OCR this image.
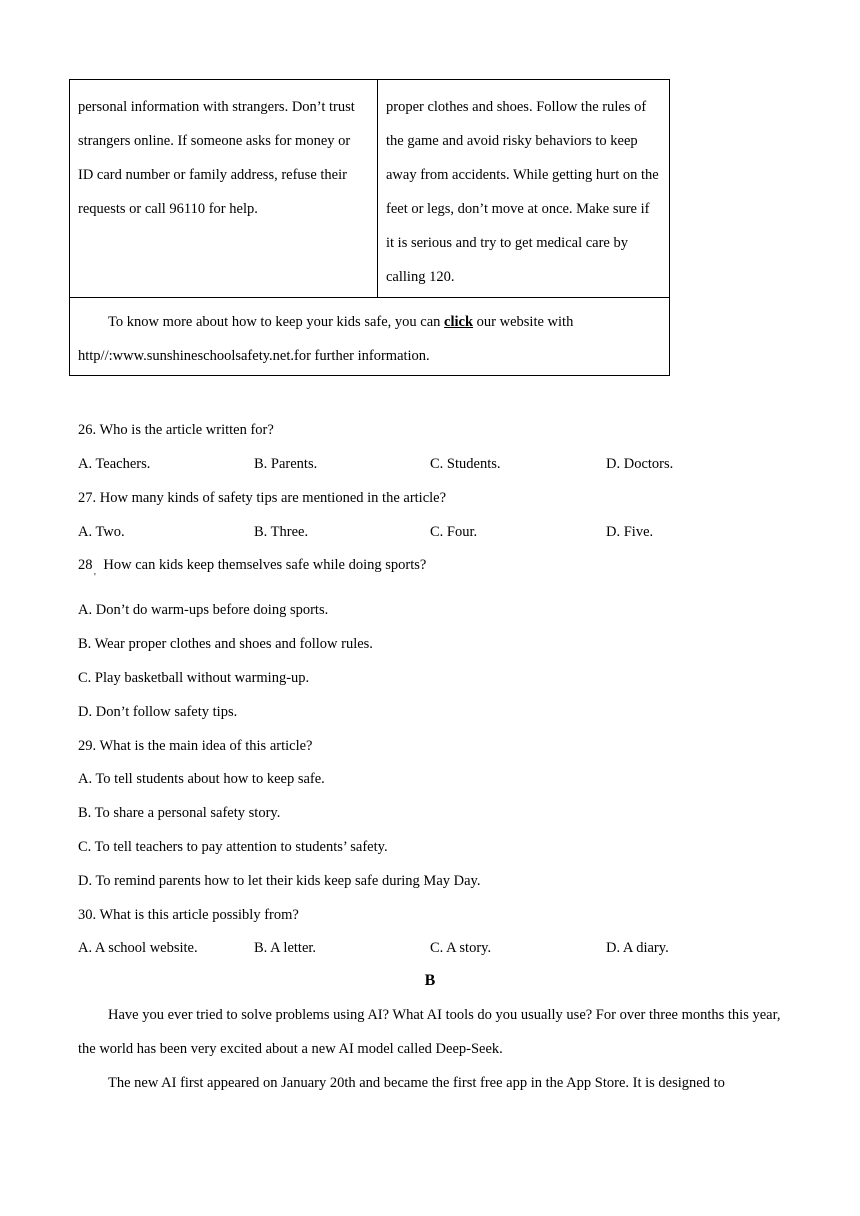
personal information with strangers. Don’t trust strangers online. If someone asks for money or ID card number or family address, refuse their requests or call 96110 for help.
proper clothes and shoes. Follow the rules of the game and avoid risky behaviors to keep away from accidents. While getting hurt on the feet or legs, don’t move at once. Make sure if it is serious and try to get medical care by calling 120.
To know more about how to keep your kids safe, you can click our website with http//:www.sunshineschoolsafety.net.for further information.
26. Who is the article written for?
A. Teachers.	B. Parents.	C. Students.	D. Doctors.
27. How many kinds of safety tips are mentioned in the article?
A. Two.	B. Three.	C. Four.	D. Five.
28   How can kids keep themselves safe while doing sports?
'
A. Don’t do warm-ups before doing sports.
B. Wear proper clothes and shoes and follow rules.
C. Play basketball without warming-up.
D. Don’t follow safety tips.
29. What is the main idea of this article?
A. To tell students about how to keep safe.
B. To share a personal safety story.
C. To tell teachers to pay attention to students’ safety.
D. To remind parents how to let their kids keep safe during May Day.
30. What is this article possibly from?
A. A school website.	B. A letter.	C. A story.	D. A diary.
B
Have you ever tried to solve problems using AI? What AI tools do you usually use? For over three months this year, the world has been very excited about a new AI model called Deep-Seek.
The new AI first appeared on January 20th and became the first free app in the App Store. It is designed to
